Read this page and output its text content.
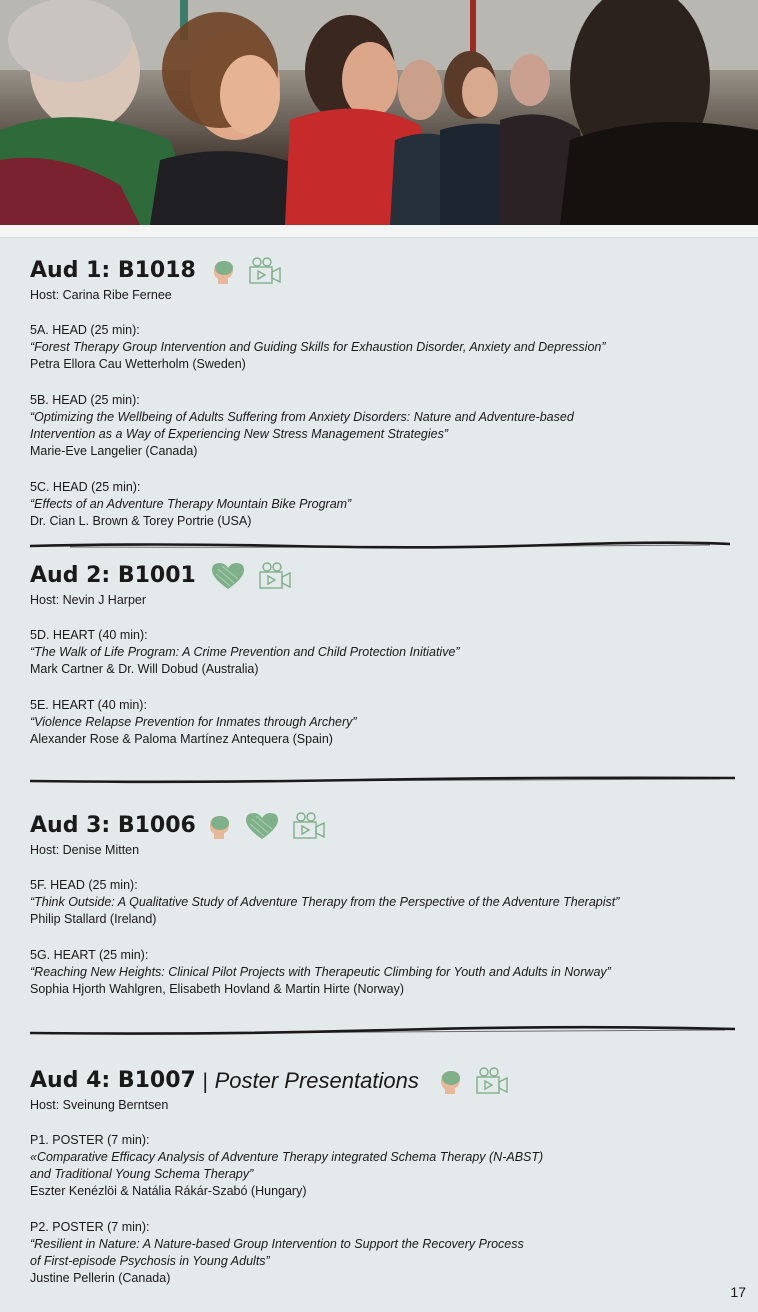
Aud 1: B1018
Host: Carina Ribe Fernee
5A. HEAD (25 min):
“Forest Therapy Group Intervention and Guiding Skills for Exhaustion Disorder, Anxiety and Depression”
Petra Ellora Cau Wetterholm (Sweden)
5B. HEAD (25 min):
“Optimizing the Wellbeing of Adults Suffering from Anxiety Disorders: Nature and Adventure-based
Intervention as a Way of Experiencing New Stress Management Strategies”
Marie-Eve Langelier (Canada)
5C. HEAD (25 min):
“Effects of an Adventure Therapy Mountain Bike Program”
Dr. Cian L. Brown & Torey Portrie (USA)
Aud 2: B1001
Host: Nevin J Harper
5D. HEART (40 min):
“The Walk of Life Program: A Crime Prevention and Child Protection Initiative”
Mark Cartner & Dr. Will Dobud (Australia)
5E. HEART (40 min):
“Violence Relapse Prevention for Inmates through Archery”
Alexander Rose & Paloma Martínez Antequera (Spain)
Aud 3: B1006
Host: Denise Mitten
5F. HEAD (25 min):
“Think Outside: A Qualitative Study of Adventure Therapy from the Perspective of the Adventure Therapist”
Philip Stallard (Ireland)
5G. HEART (25 min):
“Reaching New Heights: Clinical Pilot Projects with Therapeutic Climbing for Youth and Adults in Norway”
Sophia Hjorth Wahlgren, Elisabeth Hovland & Martin Hirte (Norway)
Aud 4: B1007 | Poster Presentations
Host: Sveinung Berntsen
P1. POSTER (7 min):
«Comparative Efficacy Analysis of Adventure Therapy integrated Schema Therapy (N-ABST)
and Traditional Young Schema Therapy”
Eszter Kenézlöi & Natália Rákár-Szabó (Hungary)
P2. POSTER (7 min):
“Resilient in Nature: A Nature-based Group Intervention to Support the Recovery Process
of First-episode Psychosis in Young Adults”
Justine Pellerin (Canada)
17
